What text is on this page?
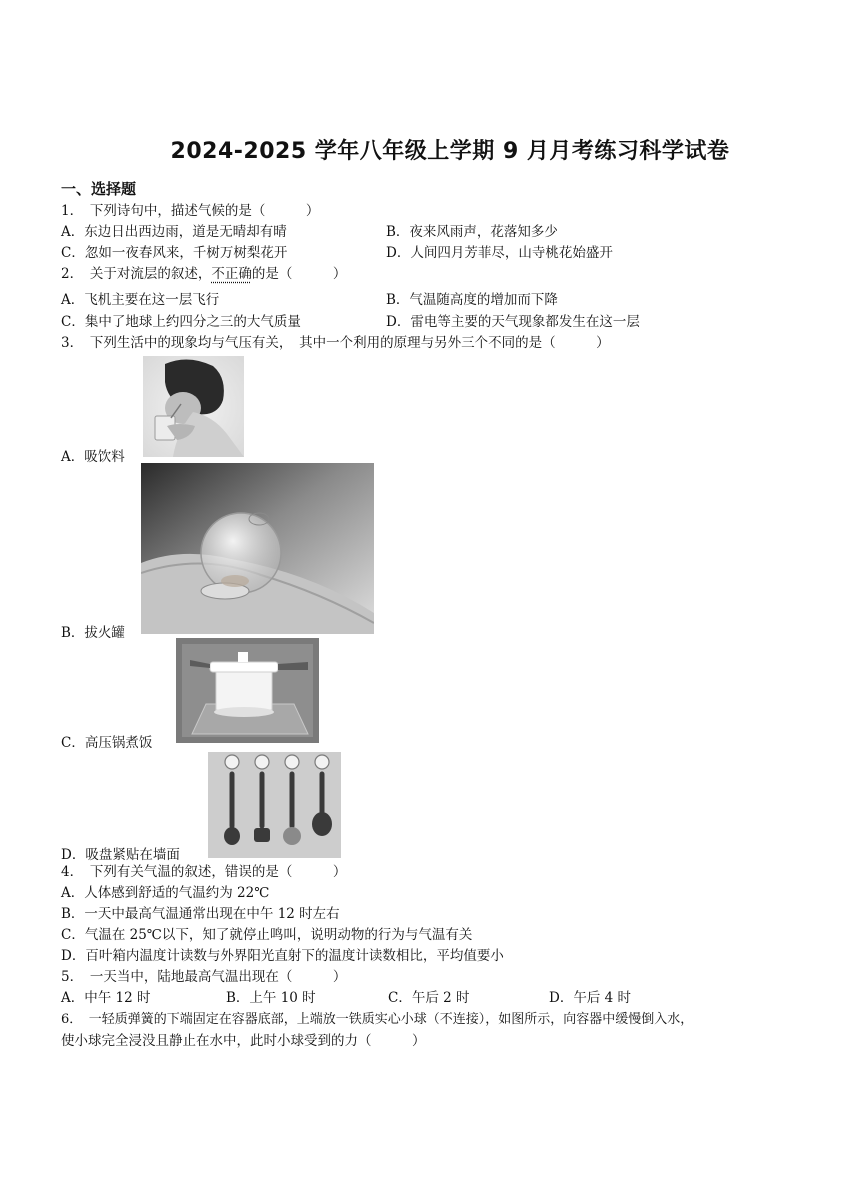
2024-2025 学年八年级上学期 9 月月考练习科学试卷
一、选择题
1．　下列诗句中，描述气候的是（　　　）
A．东边日出西边雨，道是无晴却有晴	B．夜来风雨声，花落知多少
C．忽如一夜春风来，千树万树梨花开	D．人间四月芳菲尽，山寺桃花始盛开
2．　关于对流层的叙述，不正确的是（　　　）
A．飞机主要在这一层飞行	B．气温随高度的增加而下降
C．集中了地球上约四分之三的大气质量	D．雷电等主要的天气现象都发生在这一层
3．　下列生活中的现象均与气压有关，　其中一个利用的原理与另外三个不同的是（　　　）
A．吸饮料
B．拔火罐
C．高压锅煮饭
D．吸盘紧贴在墙面
4．　下列有关气温的叙述，错误的是（　　　）
A．人体感到舒适的气温约为 22℃
B．一天中最高气温通常出现在中午 12 时左右
C．气温在 25℃以下，知了就停止鸣叫，说明动物的行为与气温有关
D．百叶箱内温度计读数与外界阳光直射下的温度计读数相比，平均值要小
5．　一天当中，陆地最高气温出现在（　　　）
A．中午 12 时	B．上午 10 时	C．午后 2 时	D．午后 4 时
6．　一轻质弹簧的下端固定在容器底部，上端放一铁质实心小球（不连接），如图所示，向容器中缓慢倒入水，
使小球完全浸没且静止在水中，此时小球受到的力（　　　）
